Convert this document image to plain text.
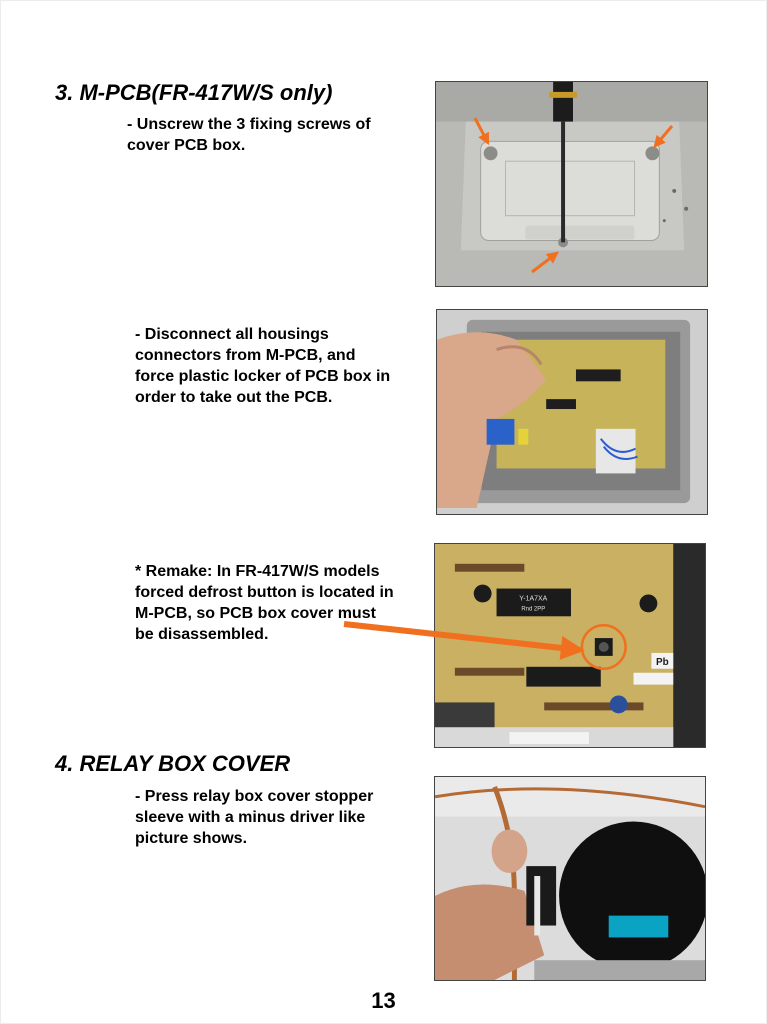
3. M-PCB(FR-417W/S only)

- Unscrew the 3 fixing screws of
cover PCB box.

- Disconnect all housings
connectors from M-PCB, and
force plastic locker of PCB box in
order to take out the PCB.

* Remake: In FR-417W/S models
forced defrost button is located in
M-PCB, so PCB box cover must
be disassembled.

4. RELAY BOX COVER

- Press relay box cover stopper
sleeve with a minus driver like
picture shows.

Y-1A7XA
Rnd 2PP
Pb

13
